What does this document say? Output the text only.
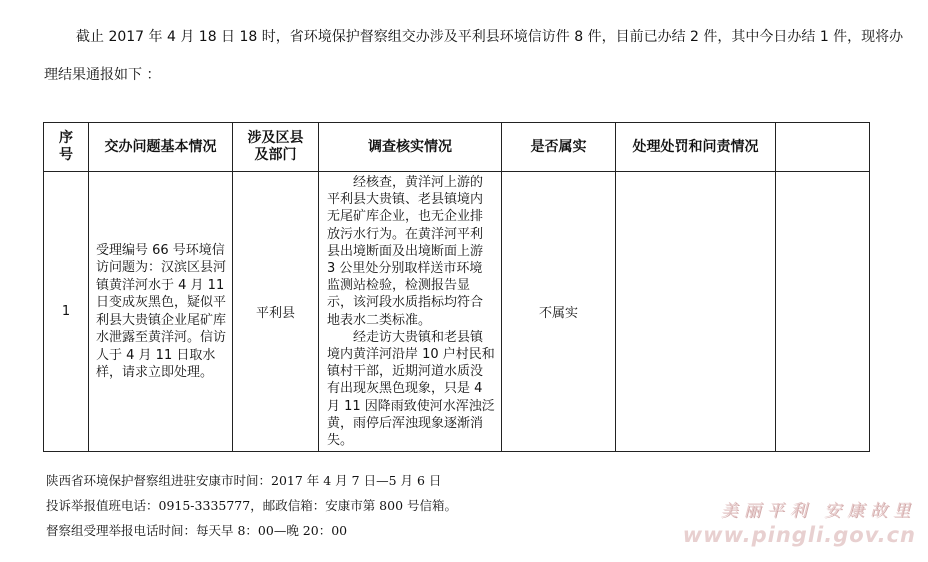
截止 2017 年 4 月 18 日 18 时，省环境保护督察组交办涉及平利县环境信访件 8 件，目前已办结 2 件，其中今日办结 1 件，现将办理结果通报如下 ：

序号	交办问题基本情况	涉及区县及部门	调查核实情况	是否属实	处理处罚和问责情况	
1	受理编号 66 号环境信访问题为：汉滨区县河镇黄洋河水于 4 月 11 日变成灰黑色，疑似平利县大贵镇企业尾矿库水泄露至黄洋河。信访人于 4 月 11 日取水样，请求立即处理。	平利县	经核查，黄洋河上游的平利县大贵镇、老县镇境内无尾矿库企业，也无企业排放污水行为。在黄洋河平利县出境断面及出境断面上游 3 公里处分别取样送市环境监测站检验，检测报告显示，该河段水质指标均符合地表水二类标准。

经走访大贵镇和老县镇境内黄洋河沿岸 10 户村民和镇村干部，近期河道水质没有出现灰黑色现象，只是 4 月 11 因降雨致使河水浑浊泛黄，雨停后浑浊现象逐渐消失。	不属实		
陕西省环境保护督察组进驻安康市时间：2017 年 4 月 7 日—5 月 6 日
投诉举报值班电话：0915-3335777，邮政信箱：安康市第 800 号信箱。
督察组受理举报电话时间：每天早 8：00—晚 20：00
美丽平利 安康故里
www.pingli.gov.cn
